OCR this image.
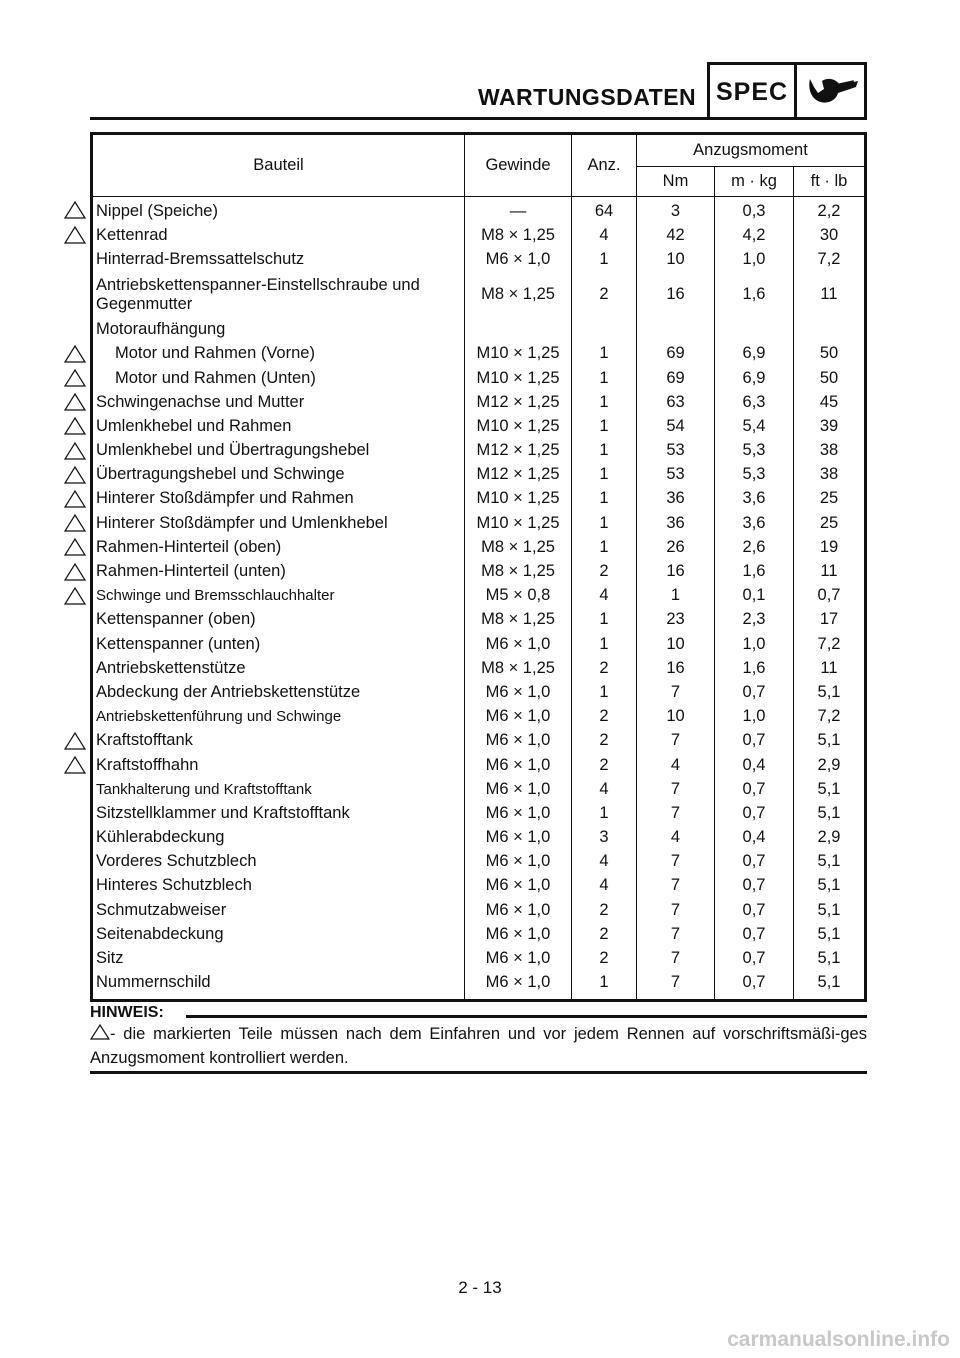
WARTUNGSDATEN SPEC
Bauteil	Gewinde	Anz.	Anzugsmoment		
			Nm	m · kg	ft · lb
Nippel (Speiche)	—	64	3	0,3	2,2
Kettenrad	M8 × 1,25	4	42	4,2	30
Hinterrad-Bremssattelschutz	M6 × 1,0	1	10	1,0	7,2
Antriebskettenspanner-Einstellschraube und Gegenmutter	M8 × 1,25	2	16	1,6	11
Motoraufhängung					
Motor und Rahmen (Vorne)	M10 × 1,25	1	69	6,9	50
Motor und Rahmen (Unten)	M10 × 1,25	1	69	6,9	50
Schwingenachse und Mutter	M12 × 1,25	1	63	6,3	45
Umlenkhebel und Rahmen	M10 × 1,25	1	54	5,4	39
Umlenkhebel und Übertragungshebel	M12 × 1,25	1	53	5,3	38
Übertragungshebel und Schwinge	M12 × 1,25	1	53	5,3	38
Hinterer Stoßdämpfer und Rahmen	M10 × 1,25	1	36	3,6	25
Hinterer Stoßdämpfer und Umlenkhebel	M10 × 1,25	1	36	3,6	25
Rahmen-Hinterteil (oben)	M8 × 1,25	1	26	2,6	19
Rahmen-Hinterteil (unten)	M8 × 1,25	2	16	1,6	11
Schwinge und Bremsschlauchhalter	M5 × 0,8	4	1	0,1	0,7
Kettenspanner (oben)	M8 × 1,25	1	23	2,3	17
Kettenspanner (unten)	M6 × 1,0	1	10	1,0	7,2
Antriebskettenstütze	M8 × 1,25	2	16	1,6	11
Abdeckung der Antriebskettenstütze	M6 × 1,0	1	7	0,7	5,1
Antriebskettenführung und Schwinge	M6 × 1,0	2	10	1,0	7,2
Kraftstofftank	M6 × 1,0	2	7	0,7	5,1
Kraftstoffhahn	M6 × 1,0	2	4	0,4	2,9
Tankhalterung und Kraftstofftank	M6 × 1,0	4	7	0,7	5,1
Sitzstellklammer und Kraftstofftank	M6 × 1,0	1	7	0,7	5,1
Kühlerabdeckung	M6 × 1,0	3	4	0,4	2,9
Vorderes Schutzblech	M6 × 1,0	4	7	0,7	5,1
Hinteres Schutzblech	M6 × 1,0	4	7	0,7	5,1
Schmutzabweiser	M6 × 1,0	2	7	0,7	5,1
Seitenabdeckung	M6 × 1,0	2	7	0,7	5,1
Sitz	M6 × 1,0	2	7	0,7	5,1
Nummernschild	M6 × 1,0	1	7	0,7	5,1
HINWEIS:
- die markierten Teile müssen nach dem Einfahren und vor jedem Rennen auf vorschriftsmäßi-ges Anzugsmoment kontrolliert werden.
2 - 13
carmanualsonline.info
